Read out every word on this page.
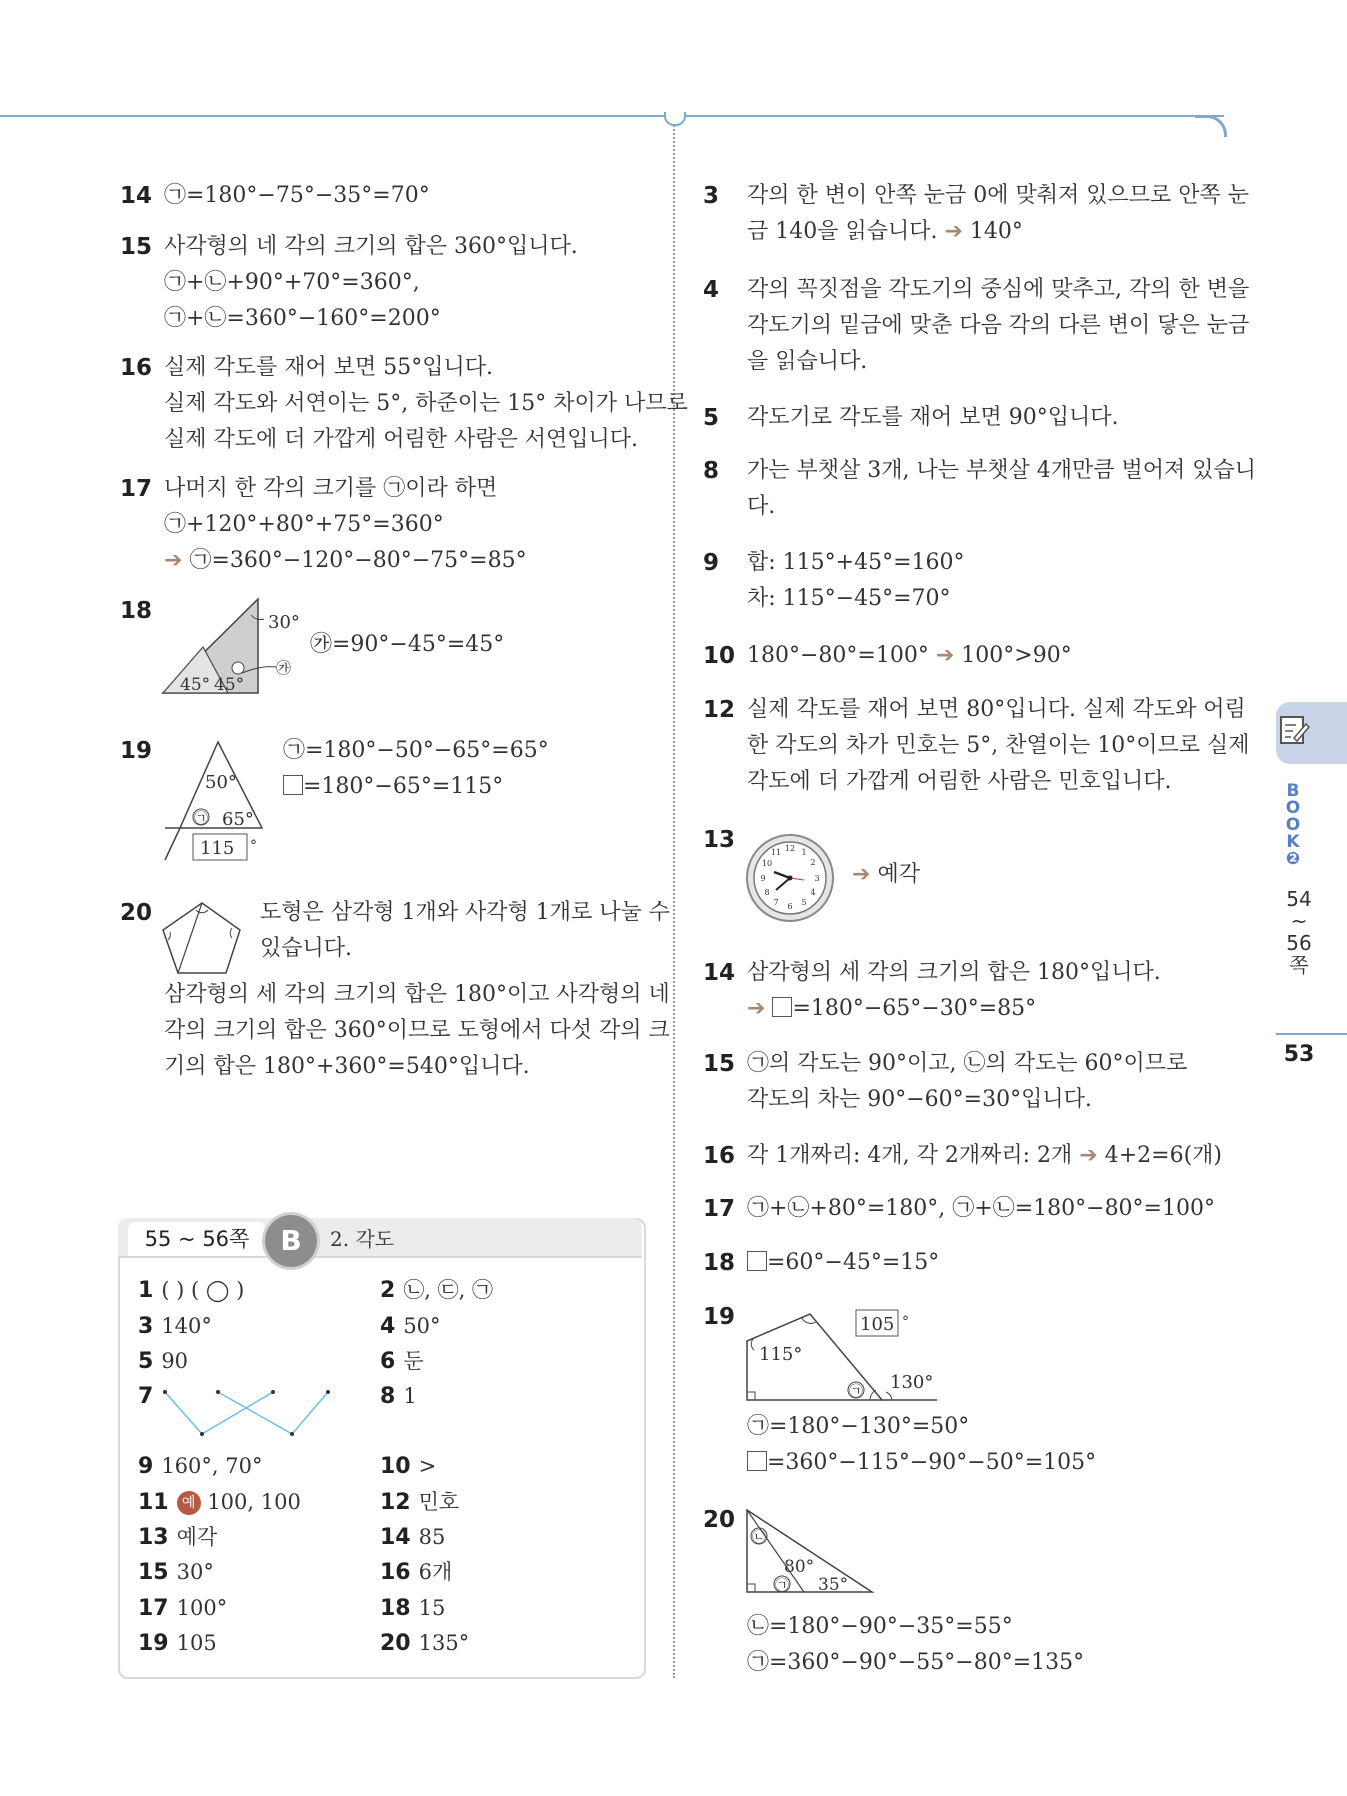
14 ㉠=180°−75°−35°=70°
15 사각형의 네 각의 크기의 합은 360°입니다.
㉠+㉡+90°+70°=360°,
㉠+㉡=360°−160°=200°
16 실제 각도를 재어 보면 55°입니다.
실제 각도와 서연이는 5°, 하준이는 15° 차이가 나므로
실제 각도에 더 가깝게 어림한 사람은 서연입니다.
17 나머지 한 각의 크기를 ㉠이라 하면
㉠+120°+80°+75°=360°
➔ ㉠=360°−120°−80°−75°=85°
18	30°
45° 45°
㉮
㉮=90°−45°=45°
19
50°
㉠ 65°
115 °
㉠=180°−50°−65°=65°
=180°−65°=115°
20	도형은 삼각형 1개와 사각형 1개로 나눌 수
있습니다.
삼각형의 세 각의 크기의 합은 180°이고 사각형의 네
각의 크기의 합은 360°이므로 도형에서 다섯 각의 크
기의 합은 180°+360°=540°입니다.
55 ~ 56쪽	B	2. 각도
1 ( ) ( ◯ )	2 ㉡, ㉢, ㉠
3 140°	4 50°
5 90	6 둔
7	8 1
9 160°, 70°	10 >
11 예 100, 100	12 민호
13 예각	14 85
15 30°	16 6개
17 100°	18 15
19 105	20 135°
3 각의 한 변이 안쪽 눈금 0에 맞춰져 있으므로 안쪽 눈
금 140을 읽습니다. ➔ 140°
4 각의 꼭짓점을 각도기의 중심에 맞추고, 각의 한 변을
각도기의 밑금에 맞춘 다음 각의 다른 변이 닿은 눈금
을 읽습니다.
5 각도기로 각도를 재어 보면 90°입니다.
8 가는 부챗살 3개, 나는 부챗살 4개만큼 벌어져 있습니
다.
9 합: 115°+45°=160°
차: 115°−45°=70°
10 180°−80°=100° ➔ 100°>90°
12 실제 각도를 재어 보면 80°입니다. 실제 각도와 어림
한 각도의 차가 민호는 5°, 찬열이는 10°이므로 실제
각도에 더 가깝게 어림한 사람은 민호입니다.
13	12 1
2
3
4
5
6
7
8
9
10
11
➔ 예각
14 삼각형의 세 각의 크기의 합은 180°입니다.
➔ =180°−65°−30°=85°
15 ㉠의 각도는 90°이고, ㉡의 각도는 60°이므로
각도의 차는 90°−60°=30°입니다.
16 각 1개짜리: 4개, 각 2개짜리: 2개 ➔ 4+2=6(개)
17 ㉠+㉡+80°=180°, ㉠+㉡=180°−80°=100°
18	=60°−45°=15°
19	105 °
115°
130°
㉠
㉠=180°−130°=50°
=360°−115°−90°−50°=105°
20
㉡
80°
㉠ 35°
㉡=180°−90°−35°=55°
㉠=360°−90°−55°−80°=135°
B
O
O
K
❷
54
~
56
쪽
53
